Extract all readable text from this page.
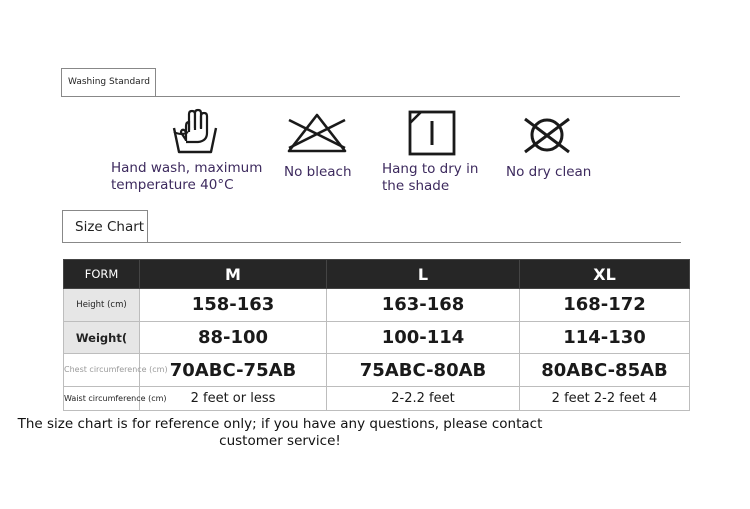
Washing Standard
Hand wash, maximum temperature 40°C
No bleach	Hang to dry in the shade
No dry clean
Size Chart
FORM	M	L	XL
Height (cm)	158-163	163-168	168-172
Weight(	88-100	100-114	114-130
Chest circumference (cm)	70ABC-75AB	75ABC-80AB	80ABC-85AB
Waist circumference (cm)	2 feet or less	2-2.2 feet	2 feet 2-2 feet 4
The size chart is for reference only; if you have any questions, please contact customer service!
